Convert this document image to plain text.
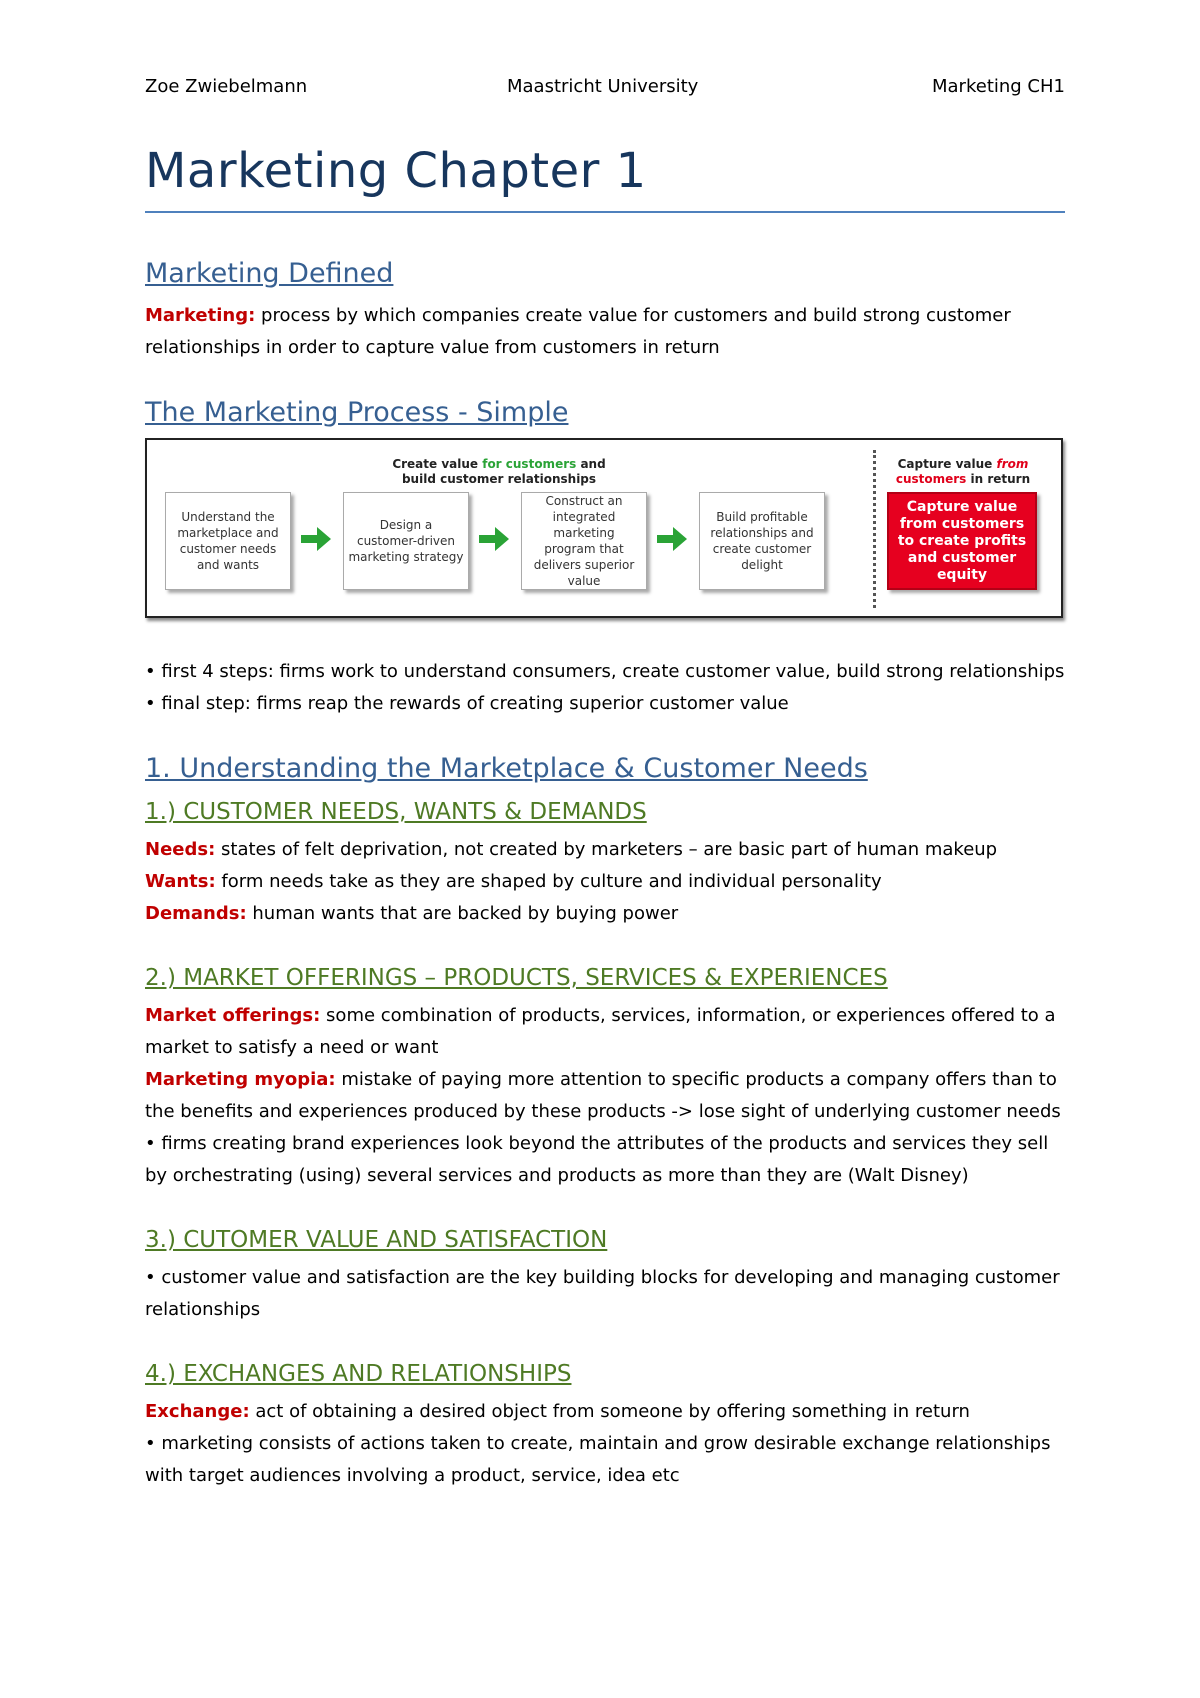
Zoe Zwiebelmann	Maastricht University	Marketing CH1
Marketing Chapter 1
Marketing Defined
Marketing: process by which companies create value for customers and build strong customer
relationships in order to capture value from customers in return
The Marketing Process - Simple
Create value for customers and
build customer relationships
Capture value from
customers in return
Understand the marketplace and customer needs and wants
Design a customer-driven marketing strategy
Construct an integrated marketing program that delivers superior value
Build profitable relationships and create customer delight
Capture value from customers to create profits and customer equity
• first 4 steps: firms work to understand consumers, create customer value, build strong relationships
• final step: firms reap the rewards of creating superior customer value
1. Understanding the Marketplace & Customer Needs
1.) CUSTOMER NEEDS, WANTS & DEMANDS
Needs: states of felt deprivation, not created by marketers – are basic part of human makeup
Wants: form needs take as they are shaped by culture and individual personality
Demands: human wants that are backed by buying power
2.) MARKET OFFERINGS – PRODUCTS, SERVICES & EXPERIENCES
Market offerings: some combination of products, services, information, or experiences offered to a
market to satisfy a need or want
Marketing myopia: mistake of paying more attention to specific products a company offers than to
the benefits and experiences produced by these products -> lose sight of underlying customer needs
• firms creating brand experiences look beyond the attributes of the products and services they sell
by orchestrating (using) several services and products as more than they are (Walt Disney)
3.) CUTOMER VALUE AND SATISFACTION
• customer value and satisfaction are the key building blocks for developing and managing customer
relationships
4.) EXCHANGES AND RELATIONSHIPS
Exchange: act of obtaining a desired object from someone by offering something in return
• marketing consists of actions taken to create, maintain and grow desirable exchange relationships
with target audiences involving a product, service, idea etc
